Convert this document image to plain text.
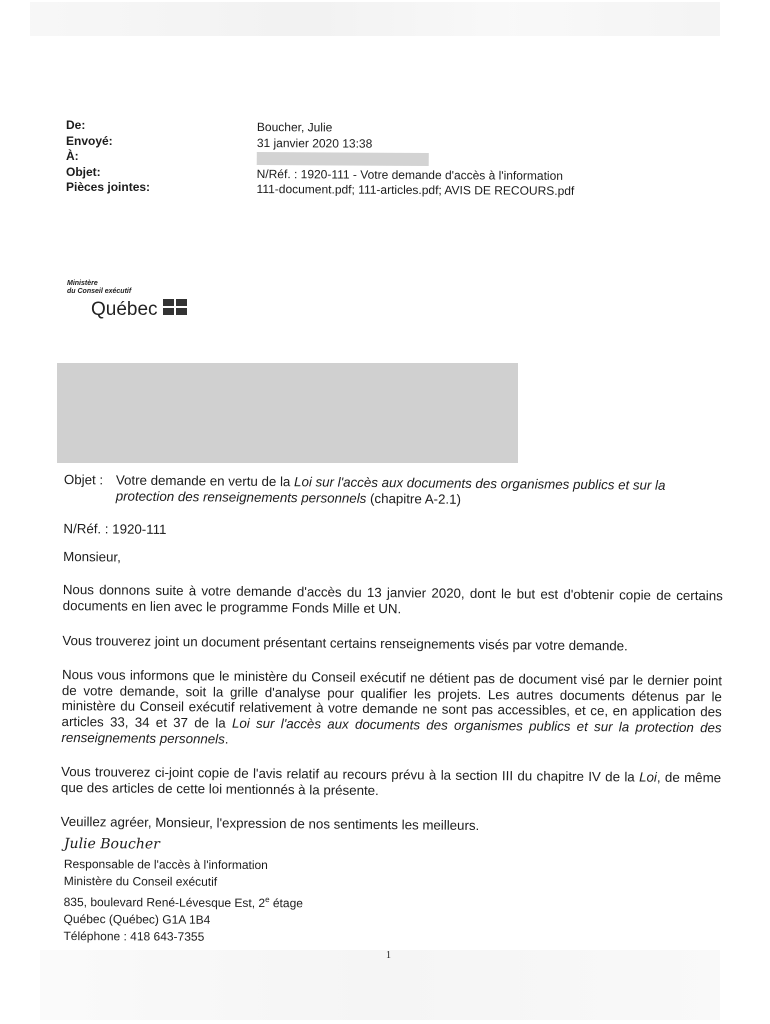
De:
Envoyé:
À:
Objet:
Pièces jointes:
Boucher, Julie
31 janvier 2020 13:38
N/Réf. : 1920-111 - Votre demande d'accès à l'information
111-document.pdf; 111-articles.pdf; AVIS DE RECOURS.pdf
Ministère
du Conseil exécutif
Québec
Objet : Votre demande en vertu de la Loi sur l'accès aux documents des organismes publics et sur la protection des renseignements personnels (chapitre A-2.1)

N/Réf. : 1920-111

Monsieur,

Nous donnons suite à votre demande d'accès du 13 janvier 2020, dont le but est d'obtenir copie de certains documents en lien avec le programme Fonds Mille et UN.

Vous trouverez joint un document présentant certains renseignements visés par votre demande.

Nous vous informons que le ministère du Conseil exécutif ne détient pas de document visé par le dernier point de votre demande, soit la grille d'analyse pour qualifier les projets. Les autres documents détenus par le ministère du Conseil exécutif relativement à votre demande ne sont pas accessibles, et ce, en application des articles 33, 34 et 37 de la Loi sur l'accès aux documents des organismes publics et sur la protection des renseignements personnels.

Vous trouverez ci-joint copie de l'avis relatif au recours prévu à la section III du chapitre IV de la Loi, de même que des articles de cette loi mentionnés à la présente.

Veuillez agréer, Monsieur, l'expression de nos sentiments les meilleurs.

Julie Boucher
Responsable de l'accès à l'information
Ministère du Conseil exécutif
835, boulevard René-Lévesque Est, 2e étage
Québec (Québec) G1A 1B4
Téléphone : 418 643-7355
1
